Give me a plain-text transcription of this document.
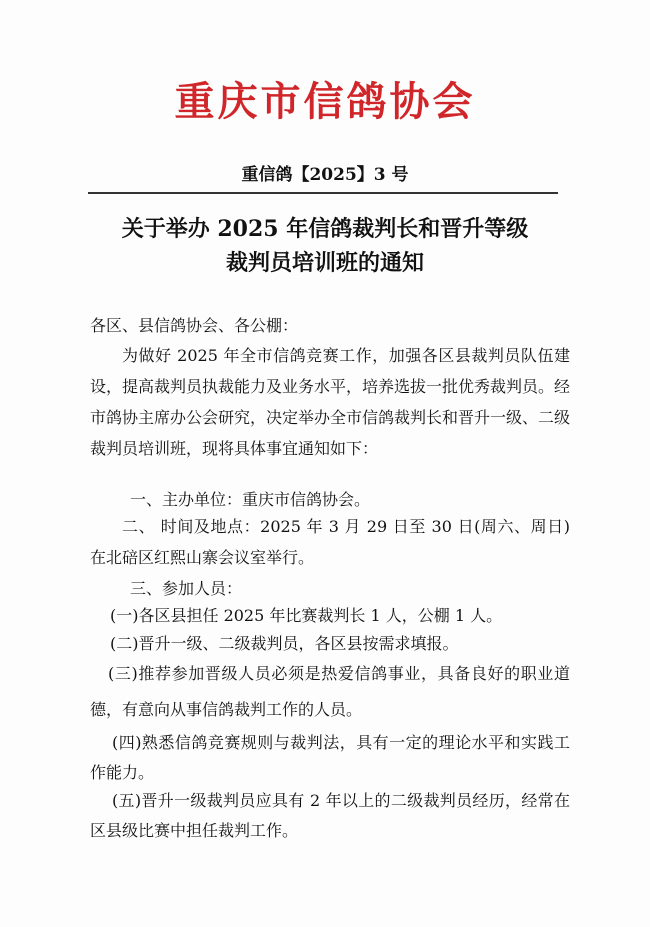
重庆市信鸽协会
重信鸽【2025】3 号
关于举办 2025 年信鸽裁判长和晋升等级
裁判员培训班的通知
各区、县信鸽协会、各公棚：
为做好 2025 年全市信鸽竞赛工作，加强各区县裁判员队伍建设，提高裁判员执裁能力及业务水平，培养选拔一批优秀裁判员。经市鸽协主席办公会研究，决定举办全市信鸽裁判长和晋升一级、二级裁判员培训班，现将具体事宜通知如下：
一、主办单位：重庆市信鸽协会。
二、 时间及地点：2025 年 3 月 29 日至 30 日(周六、周日)在北碚区红熙山寨会议室举行。
三、参加人员：
(一)各区县担任 2025 年比赛裁判长 1 人，公棚 1 人。
(二)晋升一级、二级裁判员，各区县按需求填报。
(三)推荐参加晋级人员必须是热爱信鸽事业，具备良好的职业道德，有意向从事信鸽裁判工作的人员。
(四)熟悉信鸽竞赛规则与裁判法，具有一定的理论水平和实践工作能力。
(五)晋升一级裁判员应具有 2 年以上的二级裁判员经历，经常在区县级比赛中担任裁判工作。
